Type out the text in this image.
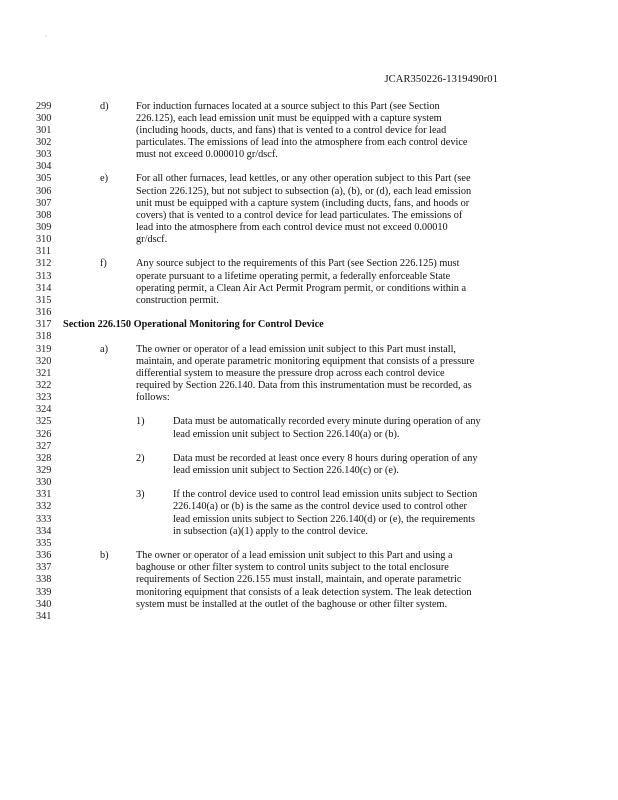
·
JCAR350226-1319490r01
299	d)	For induction furnaces located at a source subject to this Part (see Section
300	226.125), each lead emission unit must be equipped with a capture system
301	(including hoods, ducts, and fans) that is vented to a control device for lead
302	particulates. The emissions of lead into the atmosphere from each control device
303	must not exceed 0.000010 gr/dscf.
304
305	e)	For all other furnaces, lead kettles, or any other operation subject to this Part (see
306	Section 226.125), but not subject to subsection (a), (b), or (d), each lead emission
307	unit must be equipped with a capture system (including ducts, fans, and hoods or
308	covers) that is vented to a control device for lead particulates. The emissions of
309	lead into the atmosphere from each control device must not exceed 0.00010
310	gr/dscf.
311
312	f)	Any source subject to the requirements of this Part (see Section 226.125) must
313	operate pursuant to a lifetime operating permit, a federally enforceable State
314	operating permit, a Clean Air Act Permit Program permit, or conditions within a
315	construction permit.
316
317	Section 226.150 Operational Monitoring for Control Device
318
319	a)	The owner or operator of a lead emission unit subject to this Part must install,
320	maintain, and operate parametric monitoring equipment that consists of a pressure
321	differential system to measure the pressure drop across each control device
322	required by Section 226.140. Data from this instrumentation must be recorded, as
323	follows:
324
325	1)	Data must be automatically recorded every minute during operation of any
326	lead emission unit subject to Section 226.140(a) or (b).
327
328	2)	Data must be recorded at least once every 8 hours during operation of any
329	lead emission unit subject to Section 226.140(c) or (e).
330
331	3)	If the control device used to control lead emission units subject to Section
332	226.140(a) or (b) is the same as the control device used to control other
333	lead emission units subject to Section 226.140(d) or (e), the requirements
334	in subsection (a)(1) apply to the control device.
335
336	b)	The owner or operator of a lead emission unit subject to this Part and using a
337	baghouse or other filter system to control units subject to the total enclosure
338	requirements of Section 226.155 must install, maintain, and operate parametric
339	monitoring equipment that consists of a leak detection system. The leak detection
340	system must be installed at the outlet of the baghouse or other filter system.
341
